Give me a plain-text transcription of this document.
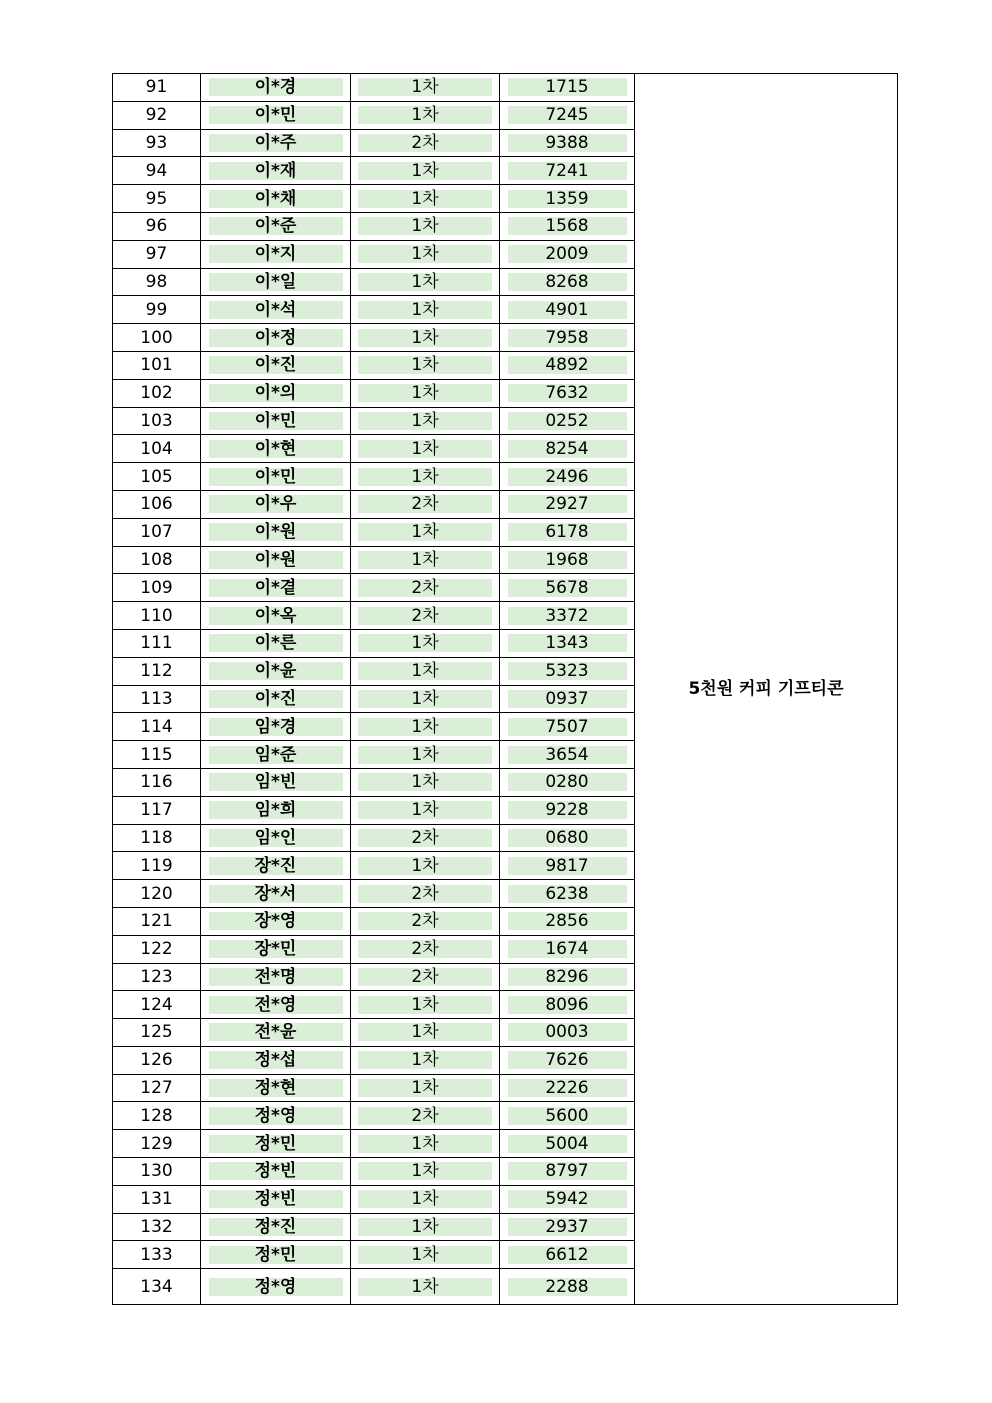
91	이*경	1차	1715	5천원 커피 기프티콘
92	이*민	1차	7245	

93	이*주	2차	9388	

94	이*재	1차	7241	

95	이*채	1차	1359	

96	이*준	1차	1568	

97	이*지	1차	2009	

98	이*일	1차	8268	

99	이*석	1차	4901	

100	이*정	1차	7958	

101	이*진	1차	4892	

102	이*의	1차	7632	

103	이*민	1차	0252	

104	이*현	1차	8254	

105	이*민	1차	2496	

106	이*우	2차	2927	

107	이*원	1차	6178	

108	이*원	1차	1968	

109	이*곁	2차	5678	

110	이*옥	2차	3372	

111	이*른	1차	1343	

112	이*윤	1차	5323	

113	이*진	1차	0937	

114	임*경	1차	7507	

115	임*준	1차	3654	

116	임*빈	1차	0280	

117	임*희	1차	9228	

118	임*인	2차	0680	

119	장*진	1차	9817	

120	장*서	2차	6238	

121	장*영	2차	2856	

122	장*민	2차	1674	

123	전*명	2차	8296	

124	전*영	1차	8096	

125	전*윤	1차	0003	

126	정*섭	1차	7626	

127	정*현	1차	2226	

128	정*영	2차	5600	

129	정*민	1차	5004	

130	정*빈	1차	8797	

131	정*빈	1차	5942	

132	정*진	1차	2937	

133	정*민	1차	6612	

134	정*영	1차	2288	
